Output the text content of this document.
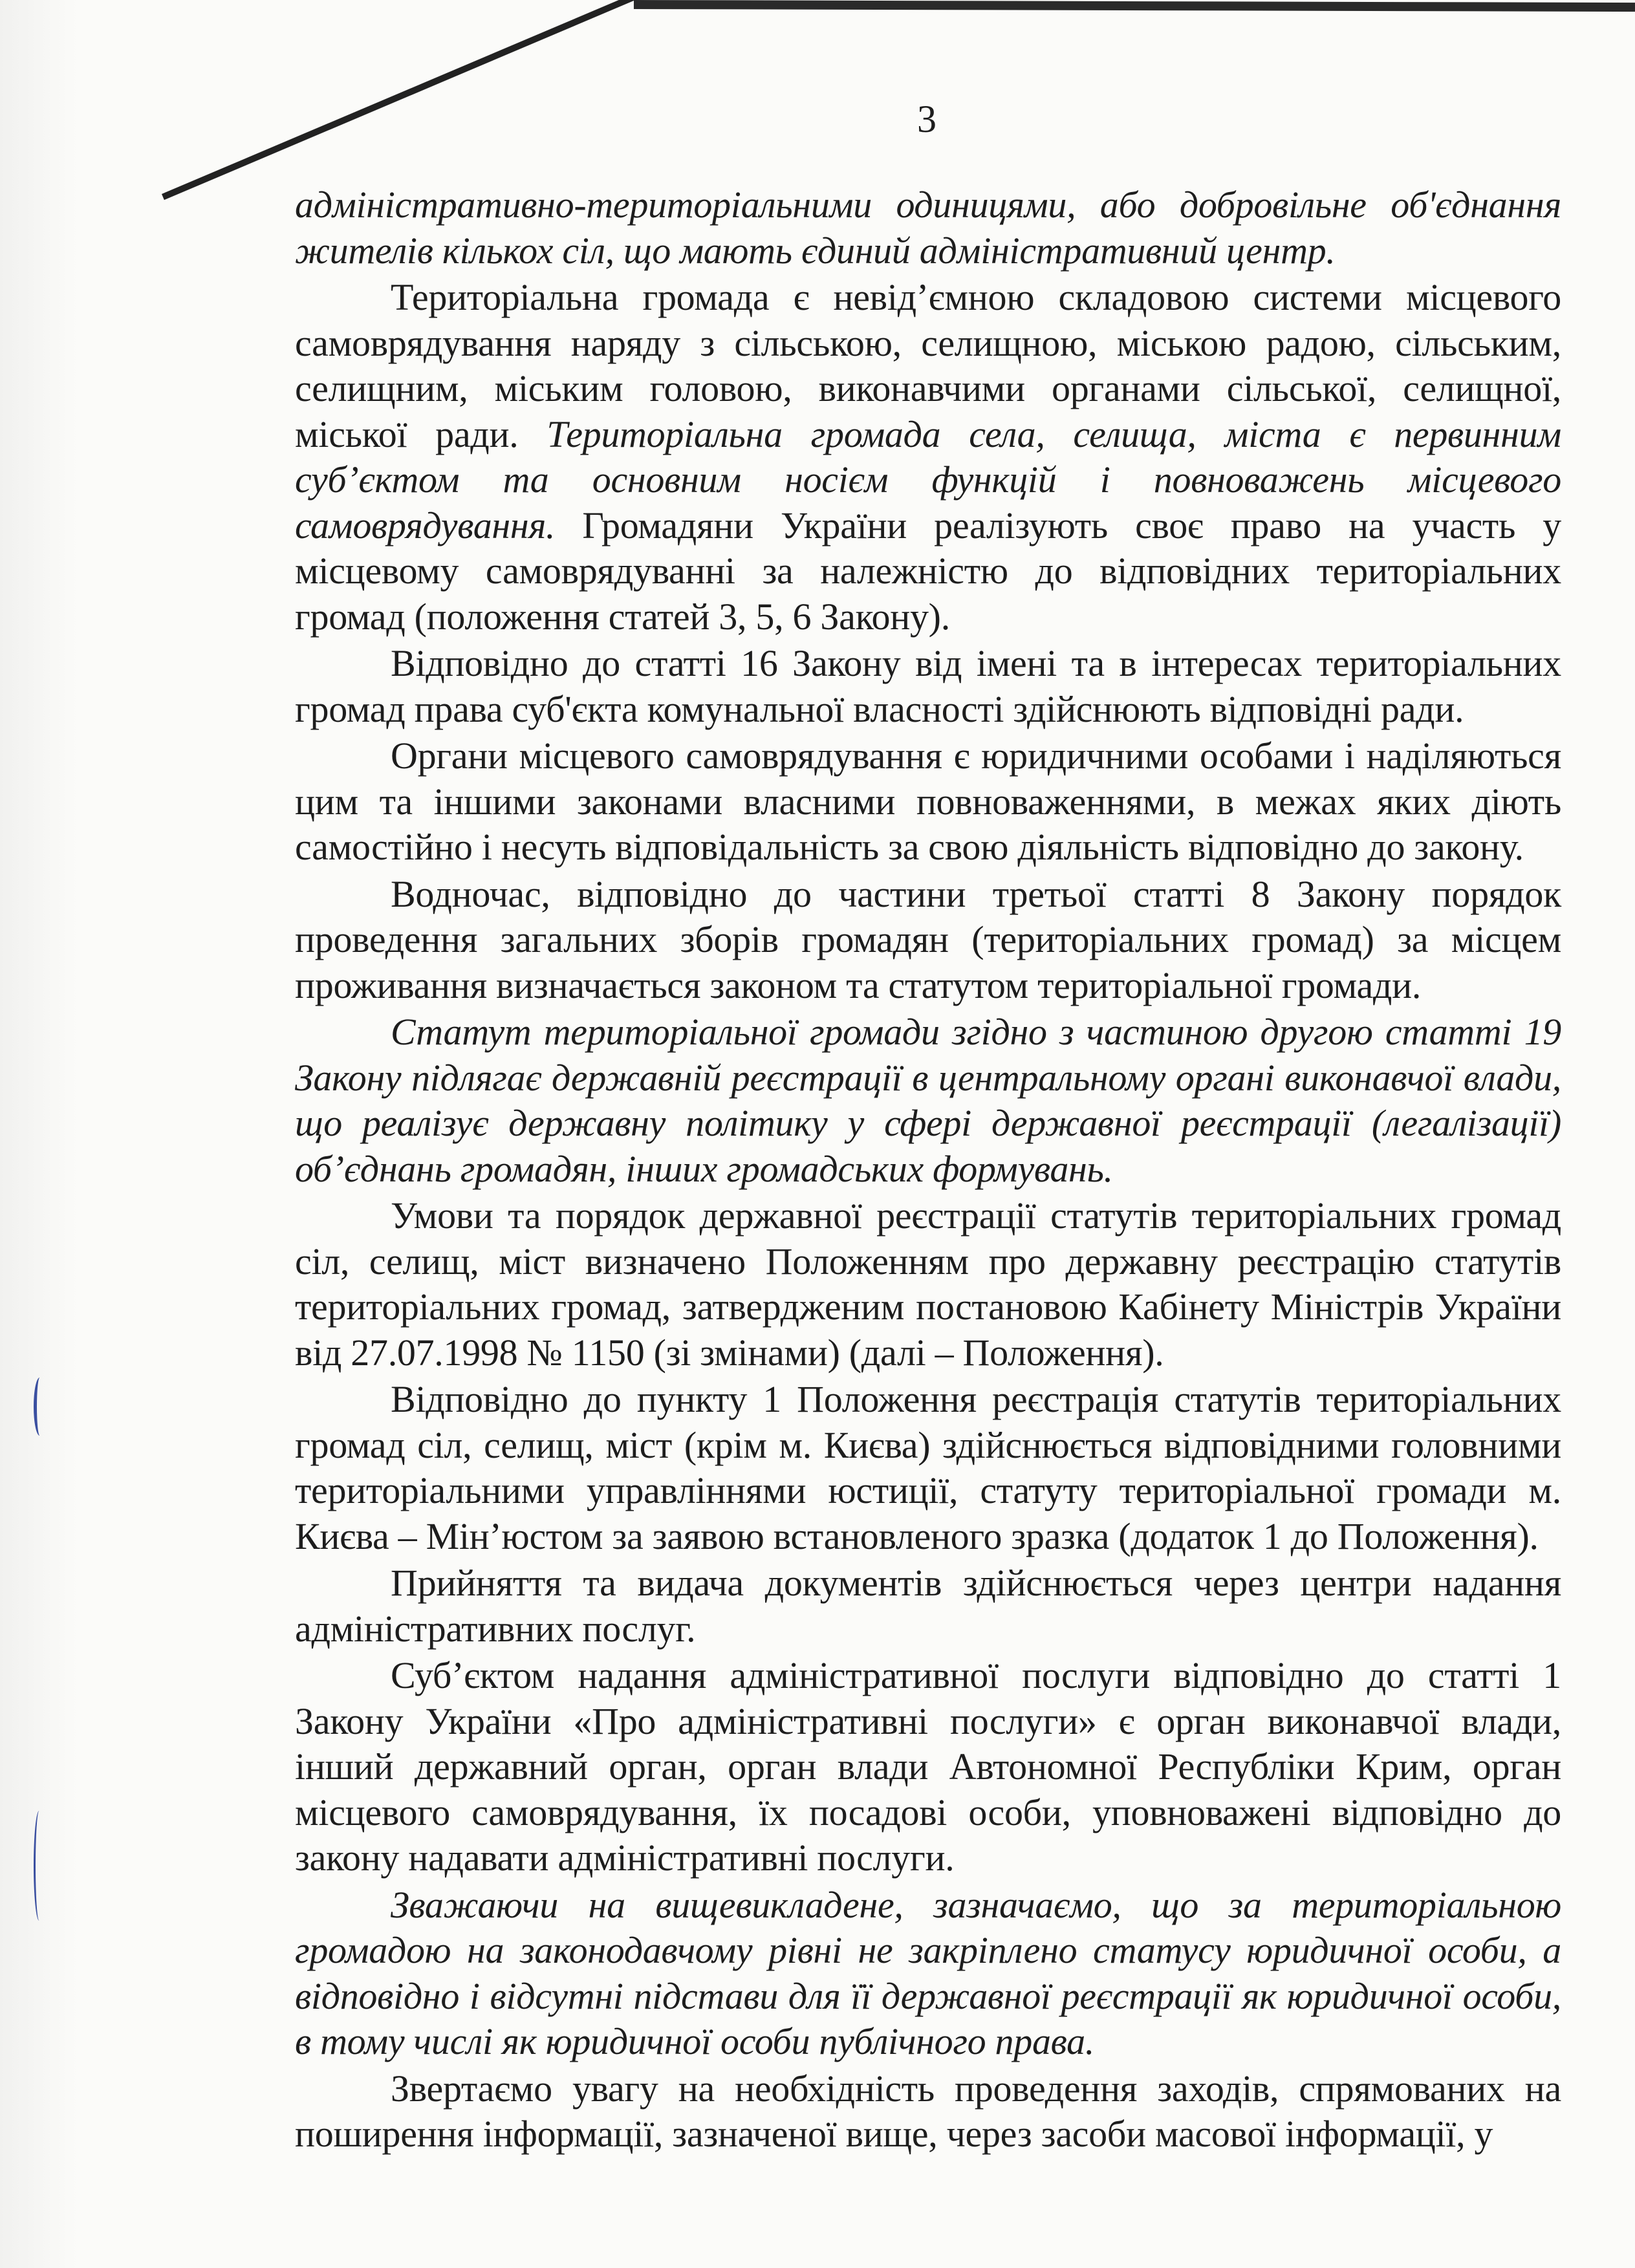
3

адміністративно-територіальними одиницями, або добровільне об'єднання жителів кількох сіл, що мають єдиний адміністративний центр.

Територіальна громада є невід’ємною складовою системи місцевого самоврядування наряду з сільською, селищною, міською радою, сільським, селищним, міським головою, виконавчими органами сільської, селищної, міської ради. Територіальна громада села, селища, міста є первинним суб’єктом та основним носієм функцій і повноважень місцевого самоврядування. Громадяни України реалізують своє право на участь у місцевому самоврядуванні за належністю до відповідних територіальних громад (положення статей 3, 5, 6 Закону).

Відповідно до статті 16 Закону від імені та в інтересах територіальних громад права суб'єкта комунальної власності здійснюють відповідні ради.

Органи місцевого самоврядування є юридичними особами і наділяються цим та іншими законами власними повноваженнями, в межах яких діють самостійно і несуть відповідальність за свою діяльність відповідно до закону.

Водночас, відповідно до частини третьої статті 8 Закону порядок проведення загальних зборів громадян (територіальних громад) за місцем проживання визначається законом та статутом територіальної громади.

Статут територіальної громади згідно з частиною другою статті 19 Закону підлягає державній реєстрації в центральному органі виконавчої влади, що реалізує державну політику у сфері державної реєстрації (легалізації) об’єднань громадян, інших громадських формувань.

Умови та порядок державної реєстрації статутів територіальних громад сіл, селищ, міст визначено Положенням про державну реєстрацію статутів територіальних громад, затвердженим постановою Кабінету Міністрів України від 27.07.1998 № 1150 (зі змінами) (далі – Положення).

Відповідно до пункту 1 Положення реєстрація статутів територіальних громад сіл, селищ, міст (крім м. Києва) здійснюється відповідними головними територіальними управліннями юстиції, статуту територіальної громади м. Києва – Мін’юстом за заявою встановленого зразка (додаток 1 до Положення).

Прийняття та видача документів здійснюється через центри надання адміністративних послуг.

Суб’єктом надання адміністративної послуги відповідно до статті 1 Закону України «Про адміністративні послуги» є орган виконавчої влади, інший державний орган, орган влади Автономної Республіки Крим, орган місцевого самоврядування, їх посадові особи, уповноважені відповідно до закону надавати адміністративні послуги.

Зважаючи на вищевикладене, зазначаємо, що за територіальною громадою на законодавчому рівні не закріплено статусу юридичної особи, а відповідно і відсутні підстави для її державної реєстрації як юридичної особи, в тому числі як юридичної особи публічного права.

Звертаємо увагу на необхідність проведення заходів, спрямованих на поширення інформації, зазначеної вище, через засоби масової інформації, у
